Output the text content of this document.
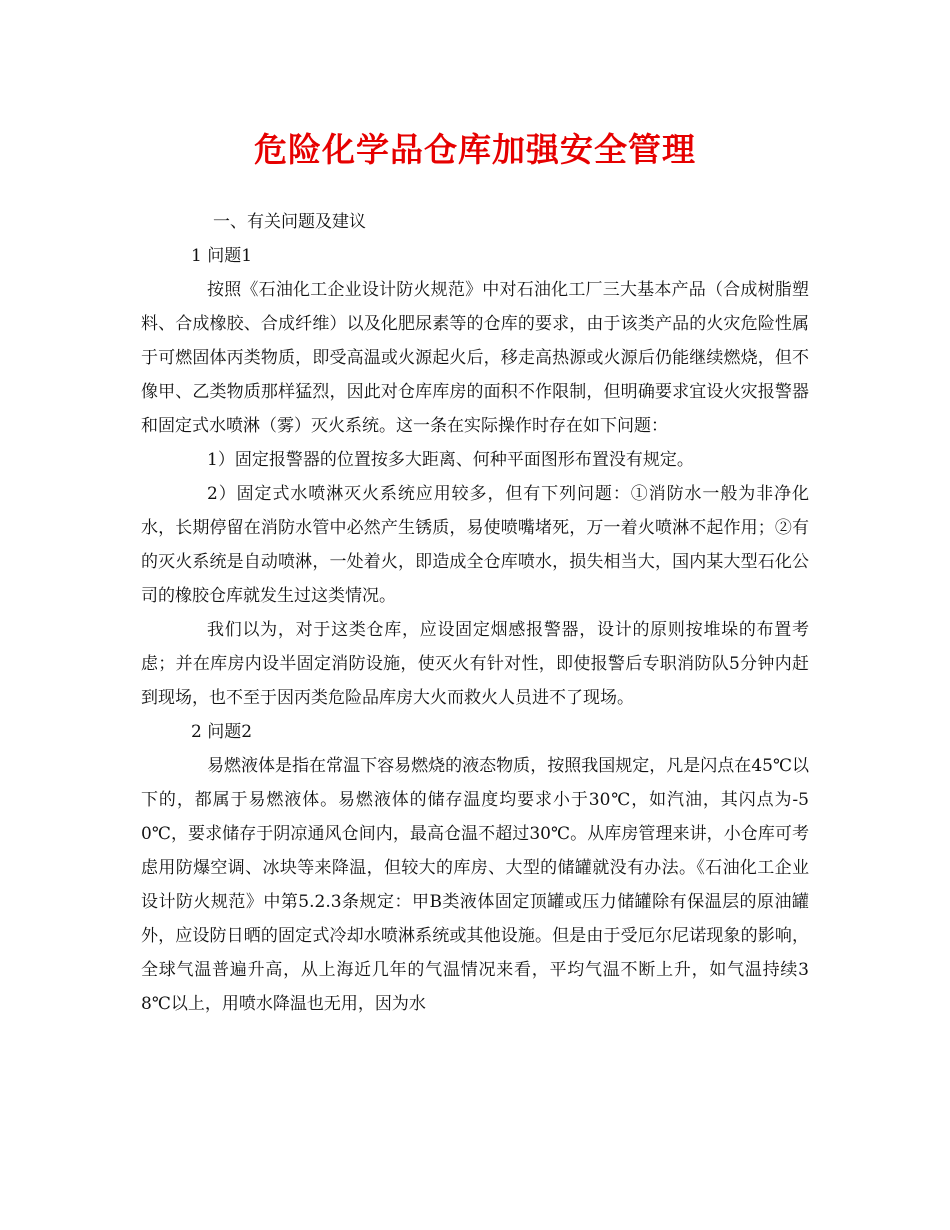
危险化学品仓库加强安全管理

一、有关问题及建议

1 问题1

按照《石油化工企业设计防火规范》中对石油化工厂三大基本产品（合成树脂塑料、合成橡胶、合成纤维）以及化肥尿素等的仓库的要求，由于该类产品的火灾危险性属于可燃固体丙类物质，即受高温或火源起火后，移走高热源或火源后仍能继续燃烧，但不像甲、乙类物质那样猛烈，因此对仓库库房的面积不作限制，但明确要求宜设火灾报警器和固定式水喷淋（雾）灭火系统。这一条在实际操作时存在如下问题：

1）固定报警器的位置按多大距离、何种平面图形布置没有规定。

2）固定式水喷淋灭火系统应用较多，但有下列问题：①消防水一般为非净化水，长期停留在消防水管中必然产生锈质，易使喷嘴堵死，万一着火喷淋不起作用；②有的灭火系统是自动喷淋，一处着火，即造成全仓库喷水，损失相当大，国内某大型石化公司的橡胶仓库就发生过这类情况。

我们以为，对于这类仓库，应设固定烟感报警器，设计的原则按堆垛的布置考虑；并在库房内设半固定消防设施，使灭火有针对性，即使报警后专职消防队5分钟内赶到现场，也不至于因丙类危险品库房大火而救火人员进不了现场。

2 问题2

易燃液体是指在常温下容易燃烧的液态物质，按照我国规定，凡是闪点在45℃以下的，都属于易燃液体。易燃液体的储存温度均要求小于30℃，如汽油，其闪点为-50℃，要求储存于阴凉通风仓间内，最高仓温不超过30℃。从库房管理来讲，小仓库可考虑用防爆空调、冰块等来降温，但较大的库房、大型的储罐就没有办法。《石油化工企业设计防火规范》中第5.2.3条规定：甲B类液体固定顶罐或压力储罐除有保温层的原油罐外，应设防日晒的固定式冷却水喷淋系统或其他设施。但是由于受厄尔尼诺现象的影响，全球气温普遍升高，从上海近几年的气温情况来看，平均气温不断上升，如气温持续38℃以上，用喷水降温也无用，因为水
